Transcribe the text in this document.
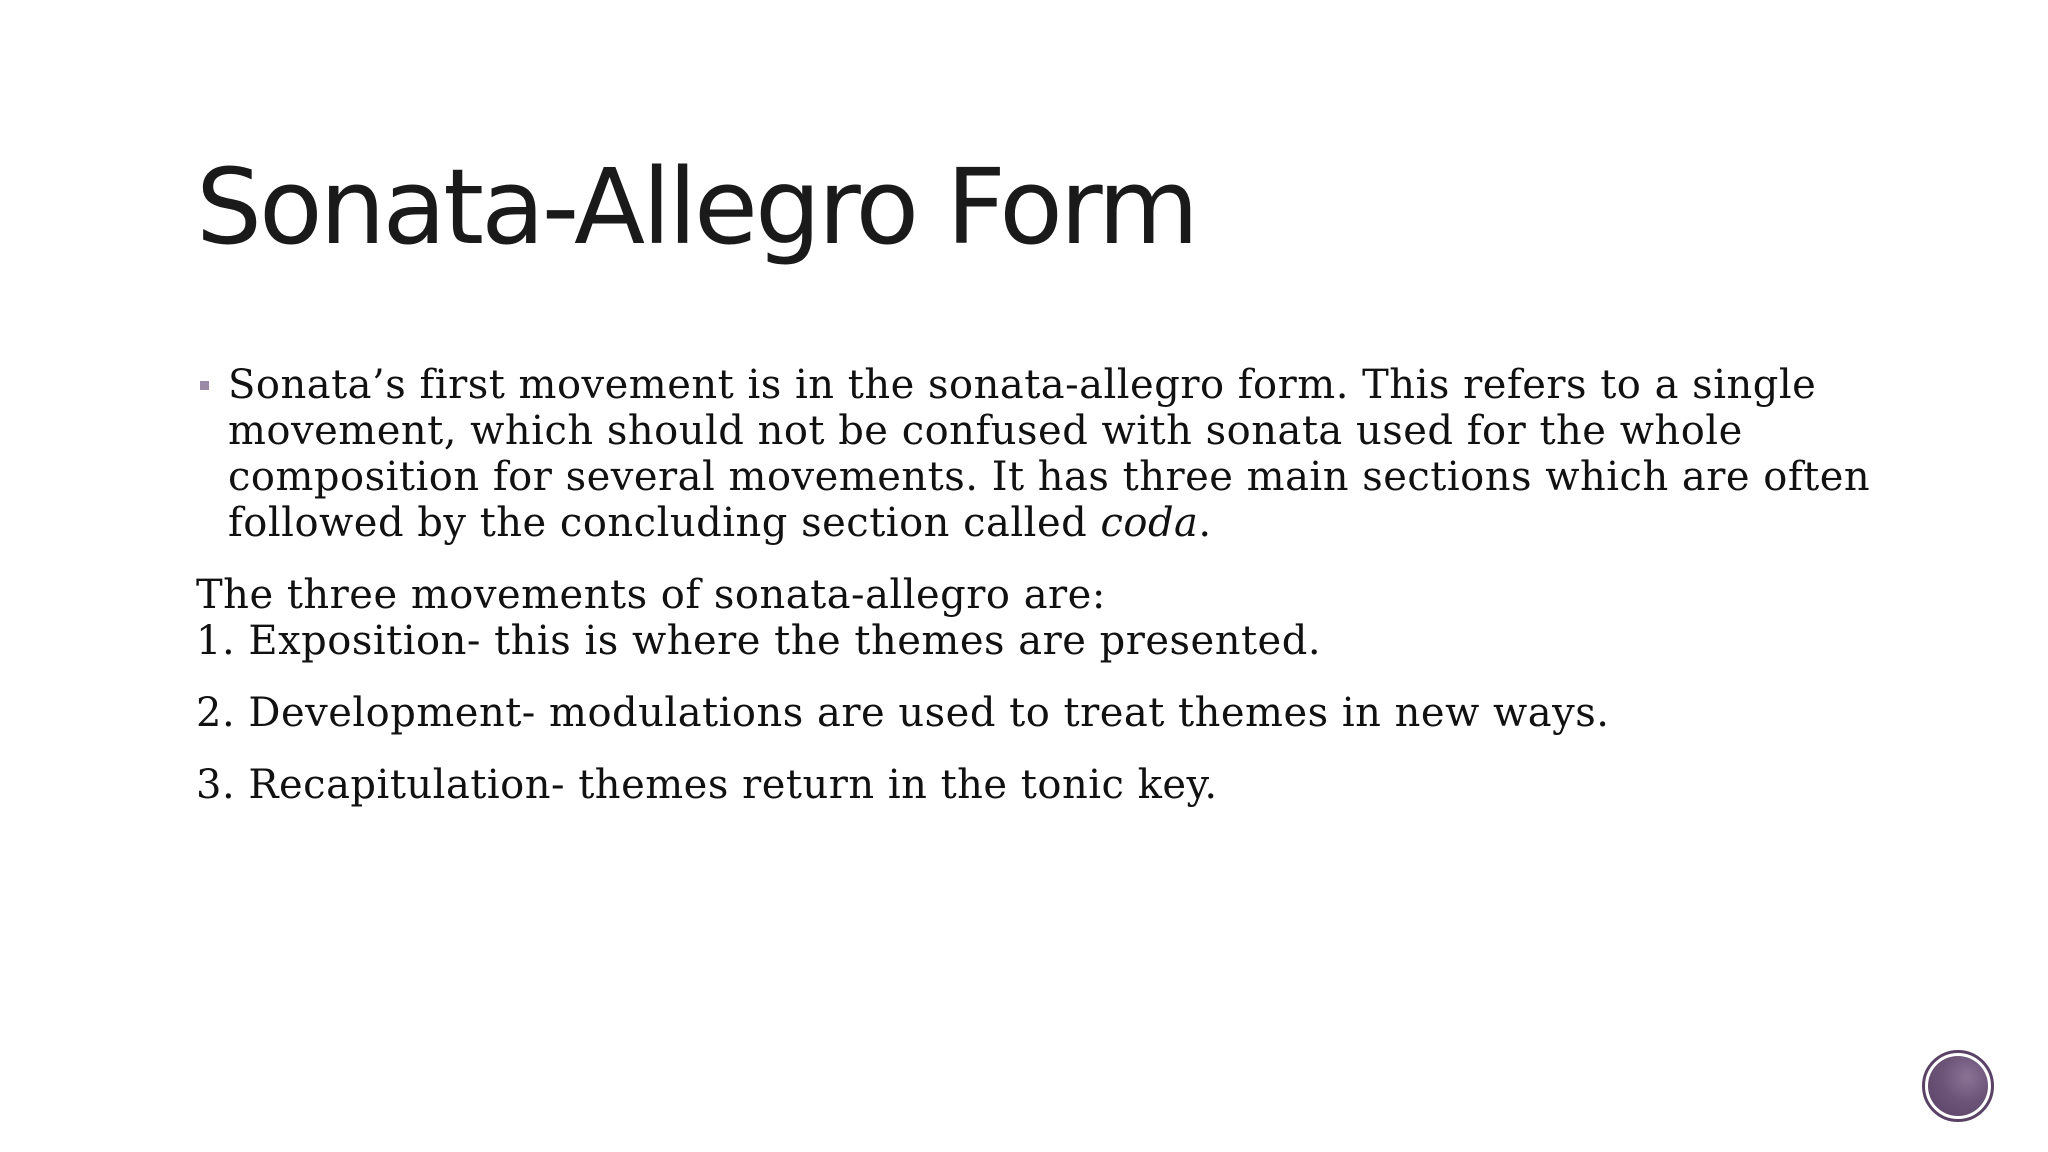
Sonata-Allegro Form

Sonata’s first movement is in the sonata-allegro form. This refers to a single movement, which should not be confused with sonata used for the whole composition for several movements. It has three main sections which are often followed by the concluding section called coda.

The three movements of sonata-allegro are:

1. Exposition- this is where the themes are presented.

2. Development- modulations are used to treat themes in new ways.

3. Recapitulation- themes return in the tonic key.
